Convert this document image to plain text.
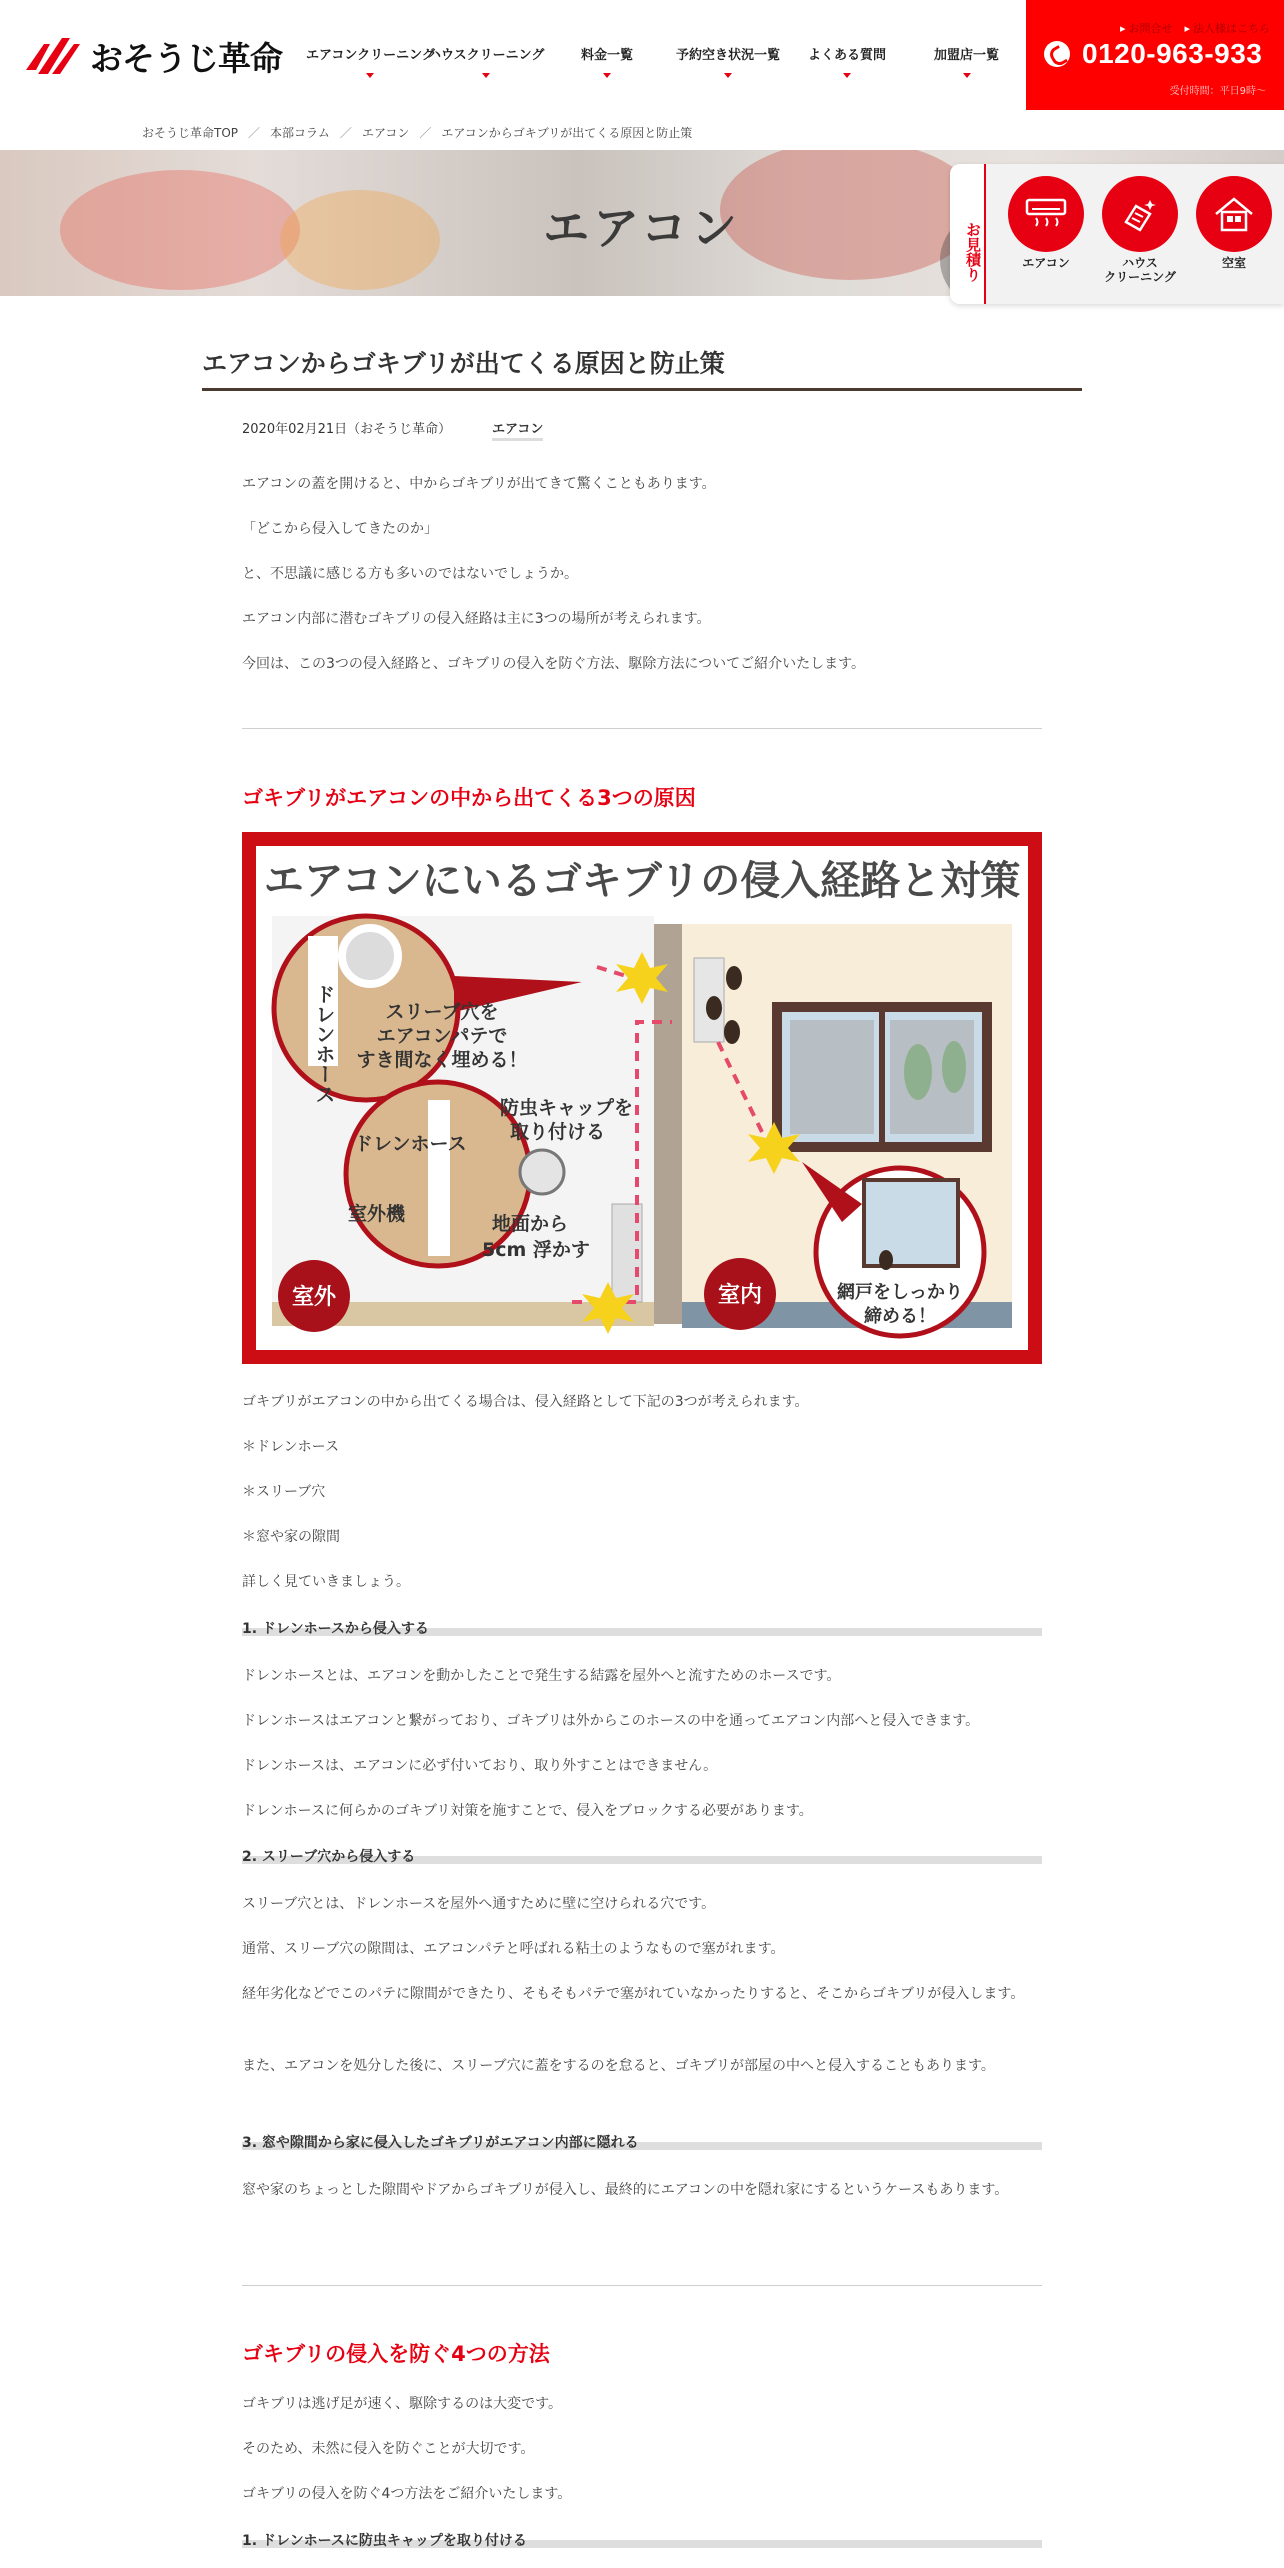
おそうじ革命 エアコンクリーニング
ハウスクリーニング	料金一覧	予約空き状況一覧 よくある質問	加盟店一覧
▸ お問合せ ▸ 法人様はこちら
0120-963-933
受付時間：平日9時〜
おそうじ革命TOP ／ 本部コラム ／ エアコン ／ エアコンからゴキブリが出てくる原因と防止策
エアコン	お見積り	エアコン	ハウス
クリーニング
空室
エアコンからゴキブリが出てくる原因と防止策
2020年02月21日（おそうじ革命）	エアコン

エアコンの蓋を開けると、中からゴキブリが出てきて驚くこともあります。

「どこから侵入してきたのか」

と、不思議に感じる方も多いのではないでしょうか。

エアコン内部に潜むゴキブリの侵入経路は主に3つの場所が考えられます。

今回は、この3つの侵入経路と、ゴキブリの侵入を防ぐ方法、駆除方法についてご紹介いたします。

ゴキブリがエアコンの中から出てくる3つの原因
エアコンにいるゴキブリの侵入経路と対策
ドレンホース	スリーブ穴を
エアコンパテで
すき間なく埋める！
ドレンホース
防虫キャップを
取り付ける
室外機	地面から
5cm 浮かす
網戸をしっかり
締める！
室外	室内

ゴキブリがエアコンの中から出てくる場合は、侵入経路として下記の3つが考えられます。

＊ドレンホース

＊スリーブ穴

＊窓や家の隙間

詳しく見ていきましょう。

1. ドレンホースから侵入する

ドレンホースとは、エアコンを動かしたことで発生する結露を屋外へと流すためのホースです。

ドレンホースはエアコンと繋がっており、ゴキブリは外からこのホースの中を通ってエアコン内部へと侵入できます。

ドレンホースは、エアコンに必ず付いており、取り外すことはできません。

ドレンホースに何らかのゴキブリ対策を施すことで、侵入をブロックする必要があります。

2. スリーブ穴から侵入する

スリーブ穴とは、ドレンホースを屋外へ通すために壁に空けられる穴です。

通常、スリーブ穴の隙間は、エアコンパテと呼ばれる粘土のようなもので塞がれます。

経年劣化などでこのパテに隙間ができたり、そもそもパテで塞がれていなかったりすると、そこからゴキブリが侵入します。

また、エアコンを処分した後に、スリーブ穴に蓋をするのを怠ると、ゴキブリが部屋の中へと侵入することもあります。

3. 窓や隙間から家に侵入したゴキブリがエアコン内部に隠れる

窓や家のちょっとした隙間やドアからゴキブリが侵入し、最終的にエアコンの中を隠れ家にするというケースもあります。

ゴキブリの侵入を防ぐ4つの方法

ゴキブリは逃げ足が速く、駆除するのは大変です。

そのため、未然に侵入を防ぐことが大切です。

ゴキブリの侵入を防ぐ4つ方法をご紹介いたします。

1. ドレンホースに防虫キャップを取り付ける
